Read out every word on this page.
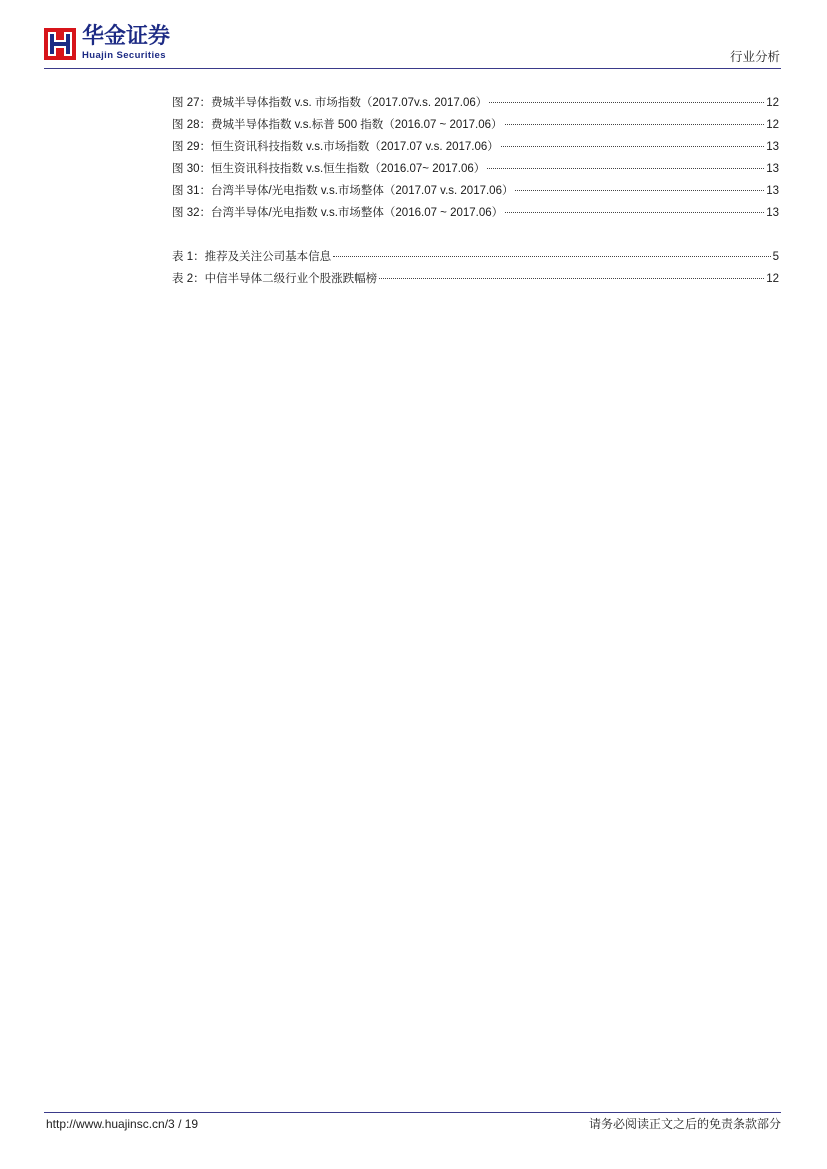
华金证券
Huajin Securities	行业分析
图 27：费城半导体指数 v.s. 市场指数（2017.07v.s. 2017.06）	12
图 28：费城半导体指数 v.s.标普 500 指数（2016.07 ~ 2017.06）	12
图 29：恒生资讯科技指数 v.s.市场指数（2017.07 v.s. 2017.06）	13
图 30：恒生资讯科技指数 v.s.恒生指数（2016.07~ 2017.06）	13
图 31：台湾半导体/光电指数 v.s.市场整体（2017.07 v.s. 2017.06）	13
图 32：台湾半导体/光电指数 v.s.市场整体（2016.07 ~ 2017.06）	13
表 1：推荐及关注公司基本信息	5
表 2：中信半导体二级行业个股涨跌幅榜	12
http://www.huajinsc.cn/3 / 19	请务必阅读正文之后的免责条款部分
